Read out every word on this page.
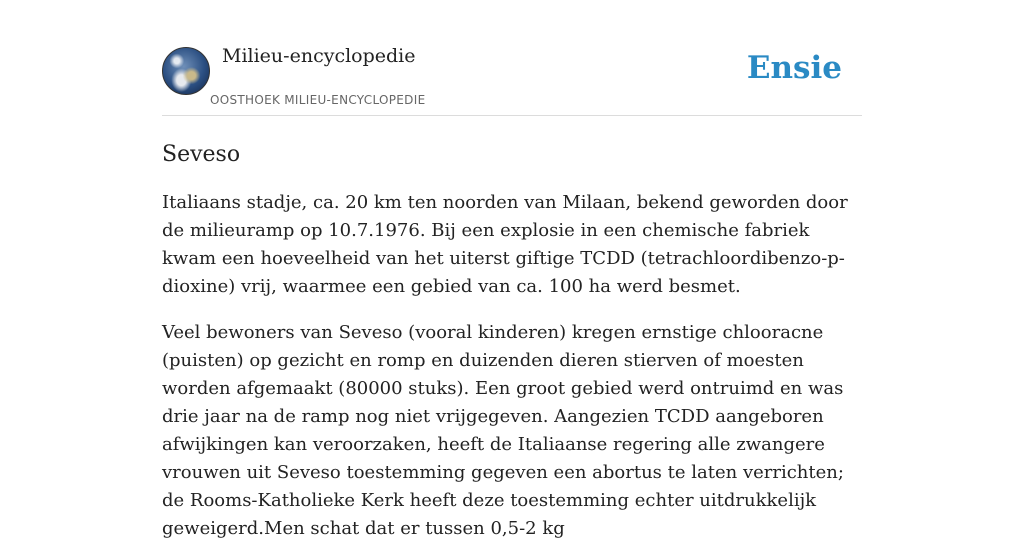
Milieu-encyclopedie
OOSTHOEK MILIEU-ENCYCLOPEDIE
Ensie
Seveso

Italiaans stadje, ca. 20 km ten noorden van Milaan, bekend geworden door de milieuramp op 10.7.1976. Bij een explosie in een chemische fabriek kwam een hoeveelheid van het uiterst giftige TCDD (tetrachloordibenzo-p-dioxine) vrij, waarmee een gebied van ca. 100 ha werd besmet.

Veel bewoners van Seveso (vooral kinderen) kregen ernstige chlooracne (puisten) op gezicht en romp en duizenden dieren stierven of moesten worden afgemaakt (80000 stuks). Een groot gebied werd ontruimd en was drie jaar na de ramp nog niet vrijgegeven. Aangezien TCDD aangeboren afwijkingen kan veroorzaken, heeft de Italiaanse regering alle zwangere vrouwen uit Seveso toestemming gegeven een abortus te laten verrichten; de Rooms-Katholieke Kerk heeft deze toestemming echter uitdrukkelijk geweigerd.Men schat dat er tussen 0,5-2 kg
